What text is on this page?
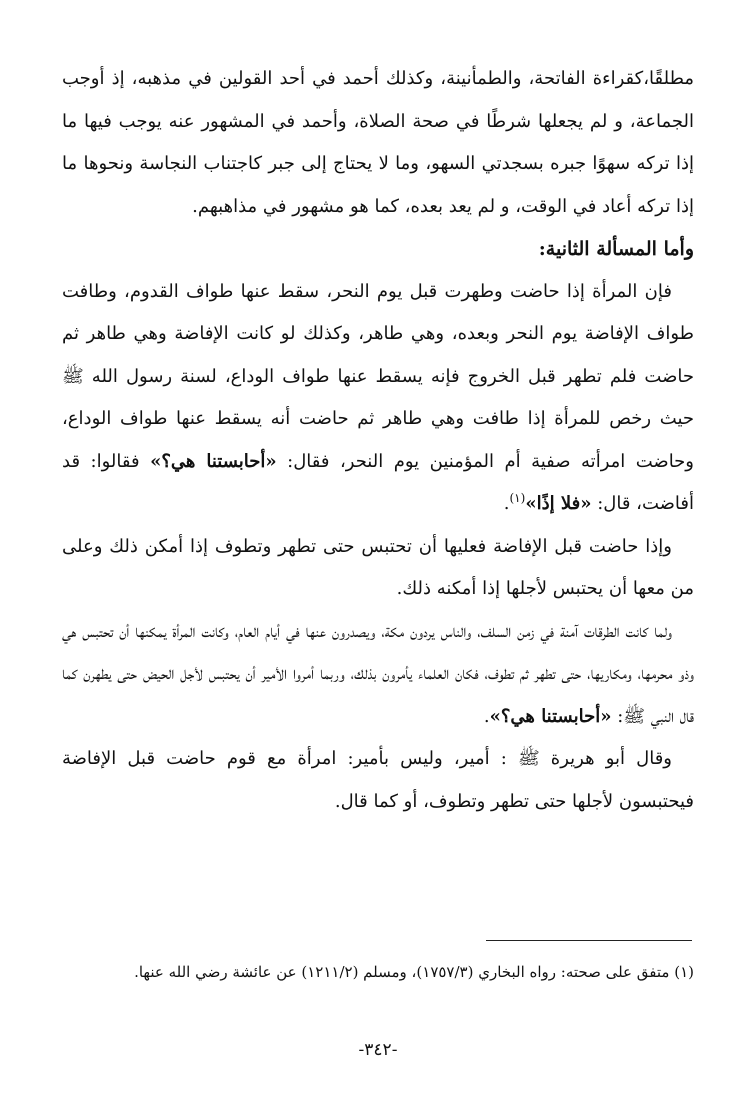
مطلقًا،كقراءة الفاتحة، والطمأنينة، وكذلك أحمد في أحد القولين في مذهبه، إذ أوجب الجماعة، و لم يجعلها شرطًا في صحة الصلاة، وأحمد في المشهور عنه يوجب فيها ما إذا تركه سهوًا جبره بسجدتي السهو، وما لا يحتاج إلى جبر كاجتناب النجاسة ونحوها ما إذا تركه أعاد في الوقت، و لم يعد بعده، كما هو مشهور في مذاهبهم.

وأما المسألة الثانية:

فإن المرأة إذا حاضت وطهرت قبل يوم النحر، سقط عنها طواف القدوم، وطافت طواف الإفاضة يوم النحر وبعده، وهي طاهر، وكذلك لو كانت الإفاضة وهي طاهر ثم حاضت فلم تطهر قبل الخروج فإنه يسقط عنها طواف الوداع، لسنة رسول الله ﷺ حيث رخص للمرأة إذا طافت وهي طاهر ثم حاضت أنه يسقط عنها طواف الوداع، وحاضت امرأته صفية أم المؤمنين يوم النحر، فقال: «أحابستنا هي؟» فقالوا: قد أفاضت، قال: «فلا إذًا»$^{(١)}$.

وإذا حاضت قبل الإفاضة فعليها أن تحتبس حتى تطهر وتطوف إذا أمكن ذلك وعلى من معها أن يحتبس لأجلها إذا أمكنه ذلك.

ولما كانت الطرقات آمنة في زمن السلف، والناس يردون مكة، ويصدرون عنها في أيام العام، وكانت المرأة يمكنها أن تحتبس هي وذو محرمها، ومكاريها، حتى تطهر ثم تطوف، فكان العلماء يأمرون بذلك، وربما أمروا الأمير أن يحتبس لأجل الحيض حتى يطهرن كما قال النبي ﷺ: «أحابستنا هي؟».

وقال أبو هريرة ﷺ : أمير، وليس بأمير: امرأة مع قوم حاضت قبل الإفاضة فيحتبسون لأجلها حتى تطهر وتطوف، أو كما قال.

(١) متفق على صحته: رواه البخاري (١٧٥٧/٣)، ومسلم (١٢١١/٢) عن عائشة رضي الله عنها.

-٣٤٢-
